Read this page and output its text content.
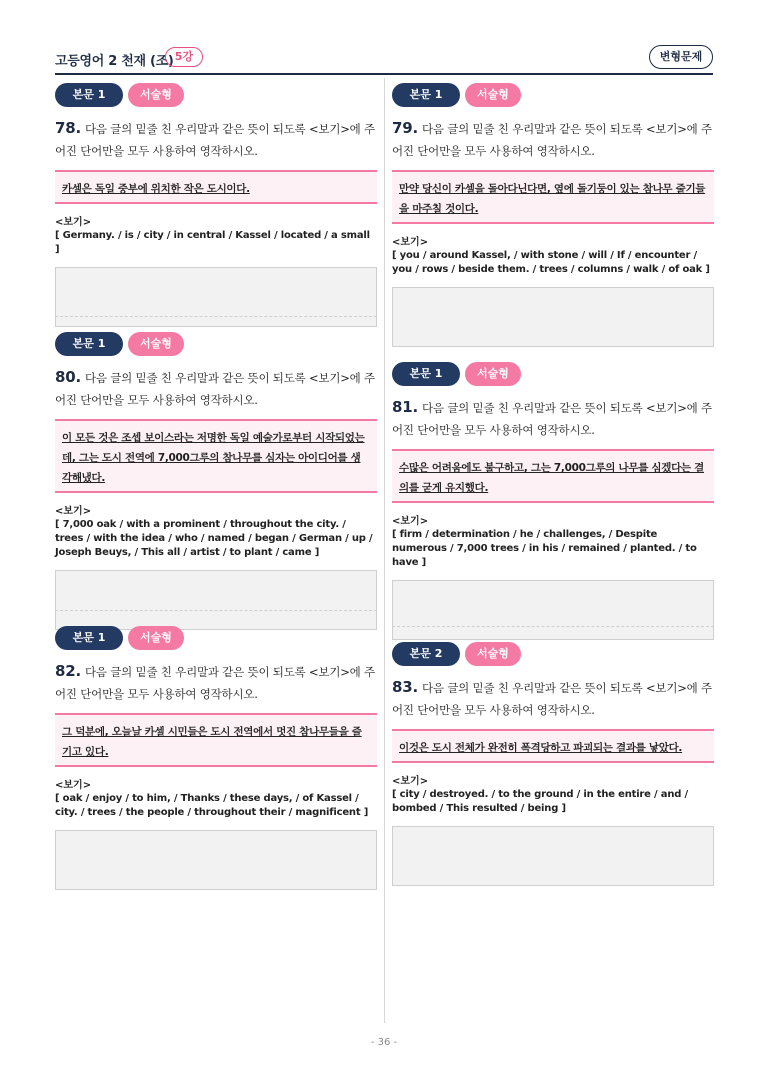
고등영어 2 천재 (조) 5강	변형문제
본문 1	서술형
78. 다음 글의 밑줄 친 우리말과 같은 뜻이 되도록 <보기>에 주어진 단어만을 모두 사용하여 영작하시오.
카셀은 독일 중부에 위치한 작은 도시이다.
<보기>
[ Germany. / is / city / in central / Kassel / located / a small ]
본문 1	서술형
79. 다음 글의 밑줄 친 우리말과 같은 뜻이 되도록 <보기>에 주어진 단어만을 모두 사용하여 영작하시오.
만약 당신이 카셀을 돌아다닌다면, 옆에 돌기둥이 있는 참나무 줄기들을 마주칠 것이다.
<보기>
[ you / around Kassel, / with stone / will / If / encounter / you / rows / beside them. / trees / columns / walk / of oak ]
본문 1	서술형
80. 다음 글의 밑줄 친 우리말과 같은 뜻이 되도록 <보기>에 주어진 단어만을 모두 사용하여 영작하시오.
이 모든 것은 조셉 보이스라는 저명한 독일 예술가로부터 시작되었는데, 그는 도시 전역에 7,000그루의 참나무를 심자는 아이디어를 생각해냈다.
<보기>
[ 7,000 oak / with a prominent / throughout the city. / trees / with the idea / who / named / began / German / up / Joseph Beuys, / This all / artist / to plant / came ]
본문 1	서술형
81. 다음 글의 밑줄 친 우리말과 같은 뜻이 되도록 <보기>에 주어진 단어만을 모두 사용하여 영작하시오.
수많은 어려움에도 불구하고, 그는 7,000그루의 나무를 심겠다는 결의를 굳게 유지했다.
<보기>
[ firm / determination / he / challenges, / Despite numerous / 7,000 trees / in his / remained / planted. / to have ]
본문 1	서술형
82. 다음 글의 밑줄 친 우리말과 같은 뜻이 되도록 <보기>에 주어진 단어만을 모두 사용하여 영작하시오.
그 덕분에, 오늘날 카셀 시민들은 도시 전역에서 멋진 참나무들을 즐기고 있다.
<보기>
[ oak / enjoy / to him, / Thanks / these days, / of Kassel / city. / trees / the people / throughout their / magnificent ]
본문 2	서술형
83. 다음 글의 밑줄 친 우리말과 같은 뜻이 되도록 <보기>에 주어진 단어만을 모두 사용하여 영작하시오.
이것은 도시 전체가 완전히 폭격당하고 파괴되는 결과를 낳았다.
<보기>
[ city / destroyed. / to the ground / in the entire / and / bombed / This resulted / being ]
- 36 -
